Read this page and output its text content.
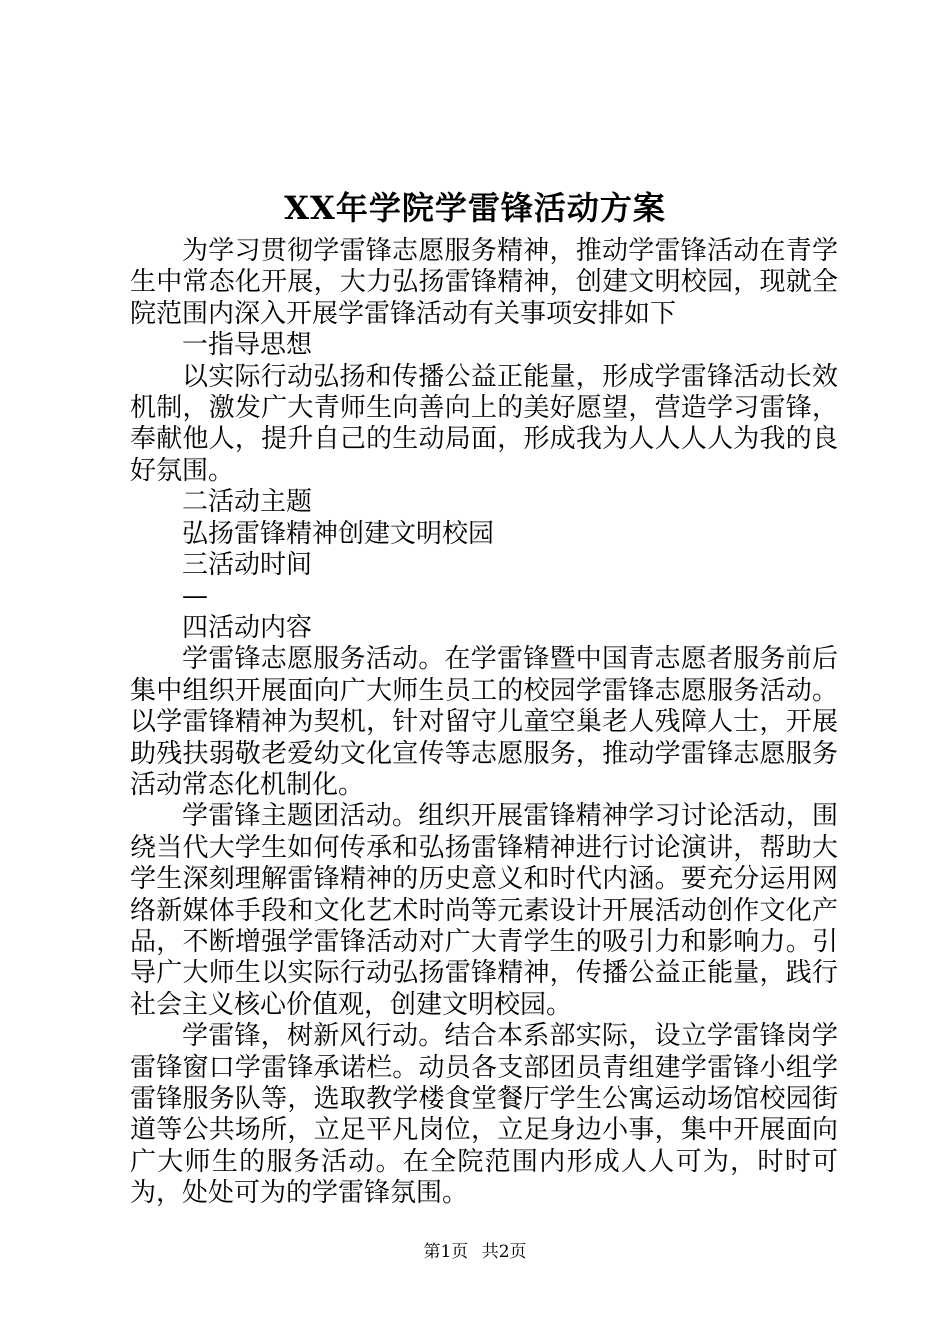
XX年学院学雷锋活动方案

为学习贯彻学雷锋志愿服务精神，推动学雷锋活动在青学生中常态化开展，大力弘扬雷锋精神，创建文明校园，现就全院范围内深入开展学雷锋活动有关事项安排如下

一指导思想

以实际行动弘扬和传播公益正能量，形成学雷锋活动长效机制，激发广大青师生向善向上的美好愿望，营造学习雷锋，奉献他人，提升自己的生动局面，形成我为人人人人为我的良好氛围。

二活动主题

弘扬雷锋精神创建文明校园

三活动时间

—

四活动内容

学雷锋志愿服务活动。在学雷锋暨中国青志愿者服务前后集中组织开展面向广大师生员工的校园学雷锋志愿服务活动。以学雷锋精神为契机，针对留守儿童空巢老人残障人士，开展助残扶弱敬老爱幼文化宣传等志愿服务，推动学雷锋志愿服务活动常态化机制化。

学雷锋主题团活动。组织开展雷锋精神学习讨论活动，围绕当代大学生如何传承和弘扬雷锋精神进行讨论演讲，帮助大学生深刻理解雷锋精神的历史意义和时代内涵。要充分运用网络新媒体手段和文化艺术时尚等元素设计开展活动创作文化产品，不断增强学雷锋活动对广大青学生的吸引力和影响力。引导广大师生以实际行动弘扬雷锋精神，传播公益正能量，践行社会主义核心价值观，创建文明校园。

学雷锋，树新风行动。结合本系部实际，设立学雷锋岗学雷锋窗口学雷锋承诺栏。动员各支部团员青组建学雷锋小组学雷锋服务队等，选取教学楼食堂餐厅学生公寓运动场馆校园街道等公共场所，立足平凡岗位，立足身边小事，集中开展面向广大师生的服务活动。在全院范围内形成人人可为，时时可为，处处可为的学雷锋氛围。

第1页 共2页
